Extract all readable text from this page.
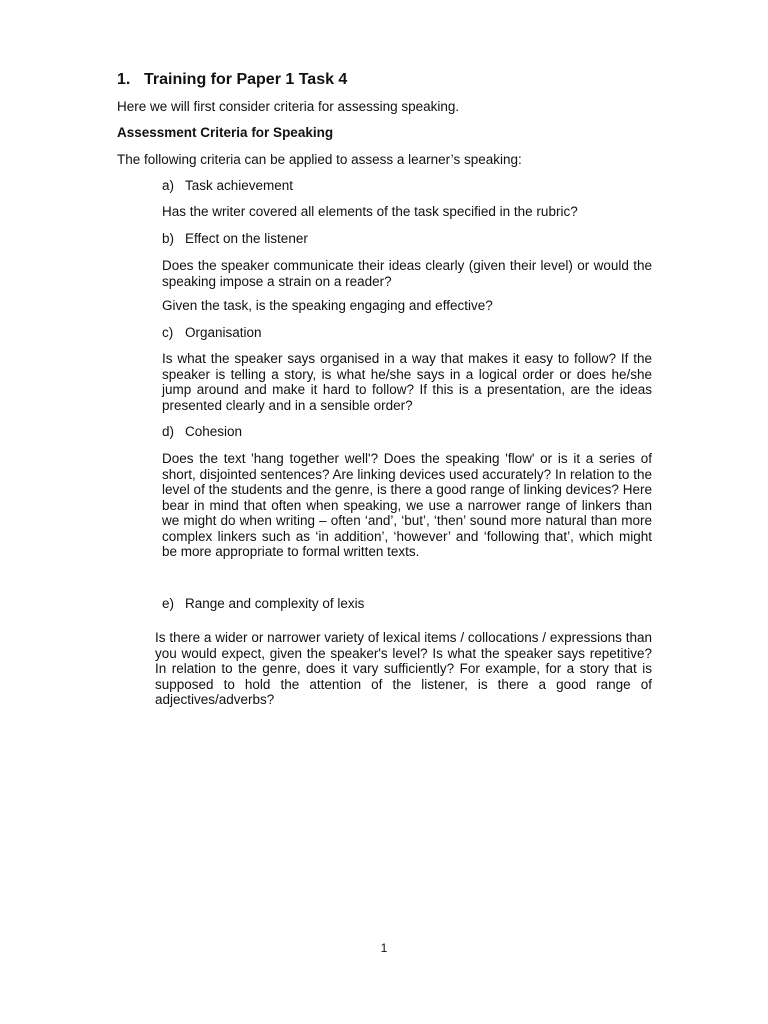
1. Training for Paper 1 Task 4
Here we will first consider criteria for assessing speaking.
Assessment Criteria for Speaking
The following criteria can be applied to assess a learner’s speaking:
a) Task achievement
Has the writer covered all elements of the task specified in the rubric?
b) Effect on the listener
Does the speaker communicate their ideas clearly (given their level) or would the speaking impose a strain on a reader?
Given the task, is the speaking engaging and effective?
c) Organisation
Is what the speaker says organised in a way that makes it easy to follow? If the speaker is telling a story, is what he/she says in a logical order or does he/she jump around and make it hard to follow? If this is a presentation, are the ideas presented clearly and in a sensible order?
d) Cohesion
Does the text 'hang together well'? Does the speaking 'flow' or is it a series of short, disjointed sentences? Are linking devices used accurately? In relation to the level of the students and the genre, is there a good range of linking devices? Here bear in mind that often when speaking, we use a narrower range of linkers than we might do when writing – often ‘and’, ‘but’, ‘then’ sound more natural than more complex linkers such as ‘in addition’, ‘however’ and ‘following that’, which might be more appropriate to formal written texts.
e) Range and complexity of lexis
Is there a wider or narrower variety of lexical items / collocations / expressions than you would expect, given the speaker's level? Is what the speaker says repetitive? In relation to the genre, does it vary sufficiently? For example, for a story that is supposed to hold the attention of the listener, is there a good range of adjectives/adverbs?
1
